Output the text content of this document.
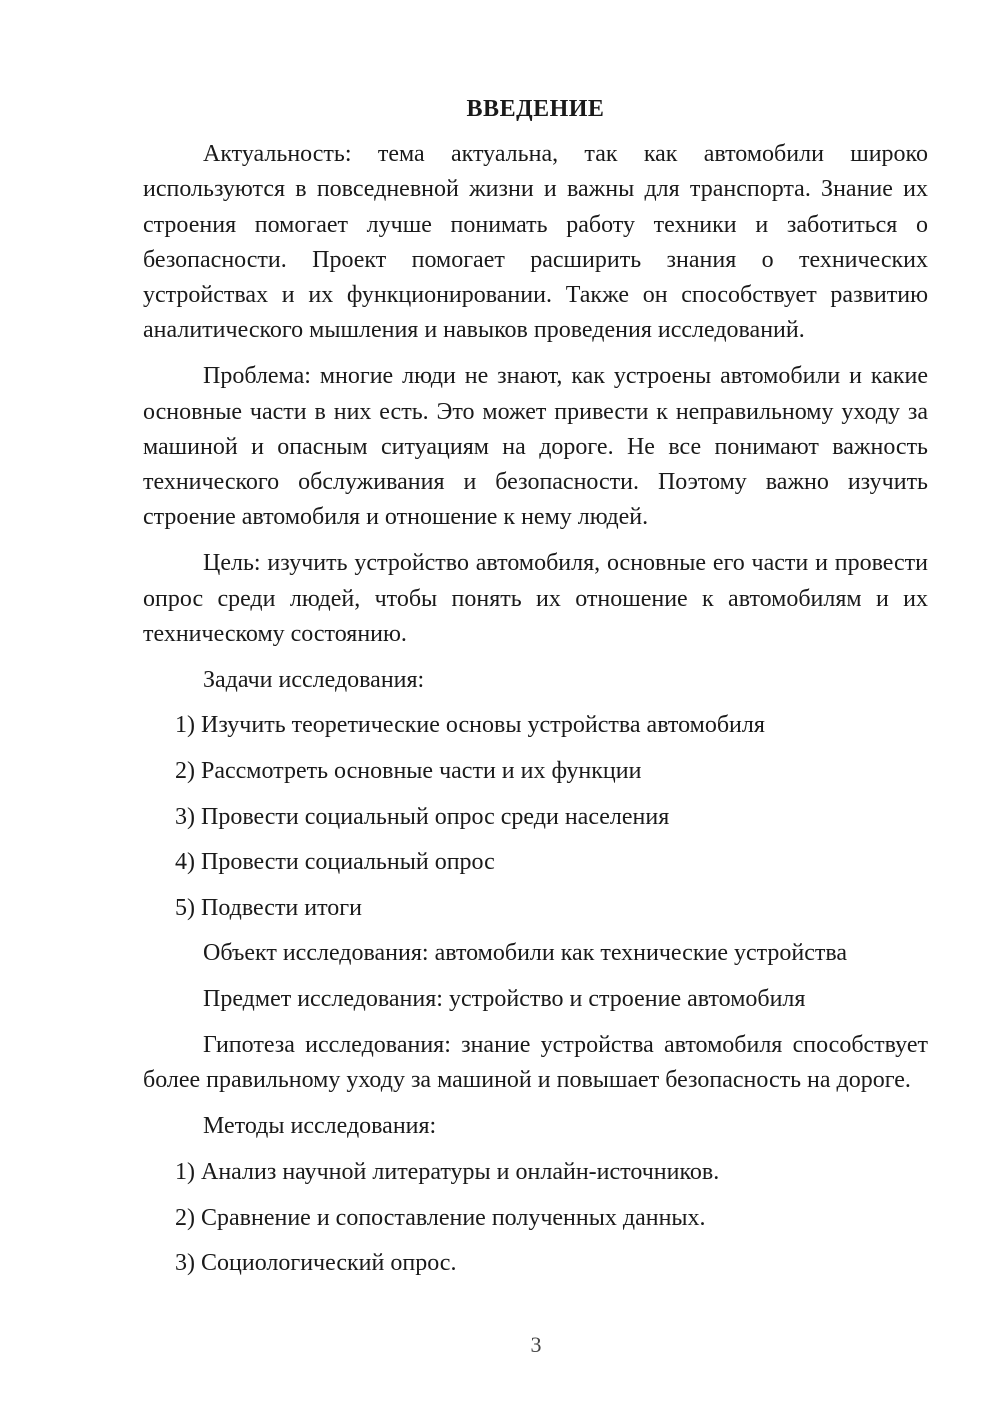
ВВЕДЕНИЕ

Актуальность: тема актуальна, так как автомобили широко используются в повседневной жизни и важны для транспорта. Знание их строения помогает лучше понимать работу техники и заботиться о безопасности. Проект помогает расширить знания о технических устройствах и их функционировании. Также он способствует развитию аналитического мышления и навыков проведения исследований.

Проблема: многие люди не знают, как устроены автомобили и какие основные части в них есть. Это может привести к неправильному уходу за машиной и опасным ситуациям на дороге. Не все понимают важность технического обслуживания и безопасности. Поэтому важно изучить строение автомобиля и отношение к нему людей.

Цель: изучить устройство автомобиля, основные его части и провести опрос среди людей, чтобы понять их отношение к автомобилям и их техническому состоянию.

Задачи исследования:

1) Изучить теоретические основы устройства автомобиля
2) Рассмотреть основные части и их функции
3) Провести социальный опрос среди населения
4) Провести социальный опрос
5) Подвести итоги

Объект исследования: автомобили как технические устройства

Предмет исследования: устройство и строение автомобиля

Гипотеза исследования: знание устройства автомобиля способствует более правильному уходу за машиной и повышает безопасность на дороге.

Методы исследования:

1) Анализ научной литературы и онлайн-источников.
2) Сравнение и сопоставление полученных данных.
3) Социологический опрос.
3
